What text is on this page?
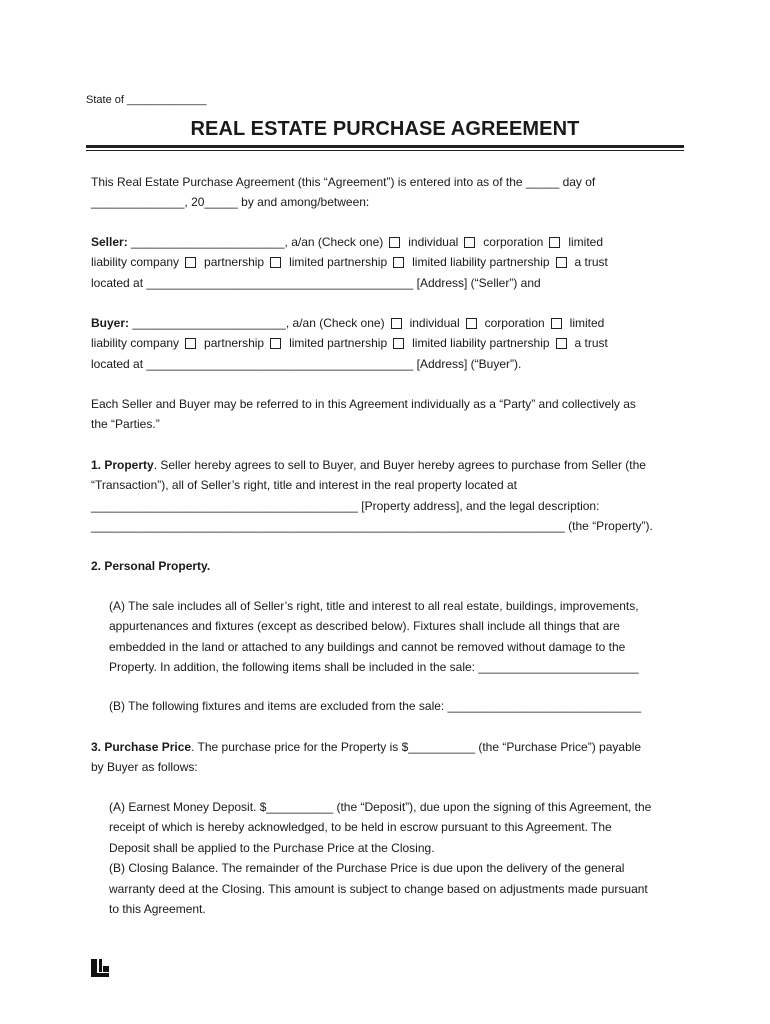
State of _____________
REAL ESTATE PURCHASE AGREEMENT
This Real Estate Purchase Agreement (this “Agreement”) is entered into as of the _____ day of
______________, 20_____ by and among/between:
Seller: _______________________, a/an (Check one) individual corporation limited
liability company partnership limited partnership limited liability partnership a trust
located at ________________________________________ [Address] (“Seller”) and
Buyer: _______________________, a/an (Check one) individual corporation limited
liability company partnership limited partnership limited liability partnership a trust
located at ________________________________________ [Address] (“Buyer”).
Each Seller and Buyer may be referred to in this Agreement individually as a “Party” and collectively as
the “Parties.”
1. Property. Seller hereby agrees to sell to Buyer, and Buyer hereby agrees to purchase from Seller (the
“Transaction”), all of Seller’s right, title and interest in the real property located at
________________________________________ [Property address], and the legal description:
_______________________________________________________________________ (the “Property”).
2. Personal Property.
(A) The sale includes all of Seller’s right, title and interest to all real estate, buildings, improvements,
appurtenances and fixtures (except as described below). Fixtures shall include all things that are
embedded in the land or attached to any buildings and cannot be removed without damage to the
Property. In addition, the following items shall be included in the sale: ________________________
(B) The following fixtures and items are excluded from the sale: _____________________________
3. Purchase Price. The purchase price for the Property is $__________ (the “Purchase Price”) payable
by Buyer as follows:
(A) Earnest Money Deposit. $__________ (the “Deposit”), due upon the signing of this Agreement, the
receipt of which is hereby acknowledged, to be held in escrow pursuant to this Agreement. The
Deposit shall be applied to the Purchase Price at the Closing.
(B) Closing Balance. The remainder of the Purchase Price is due upon the delivery of the general
warranty deed at the Closing. This amount is subject to change based on adjustments made pursuant
to this Agreement.
